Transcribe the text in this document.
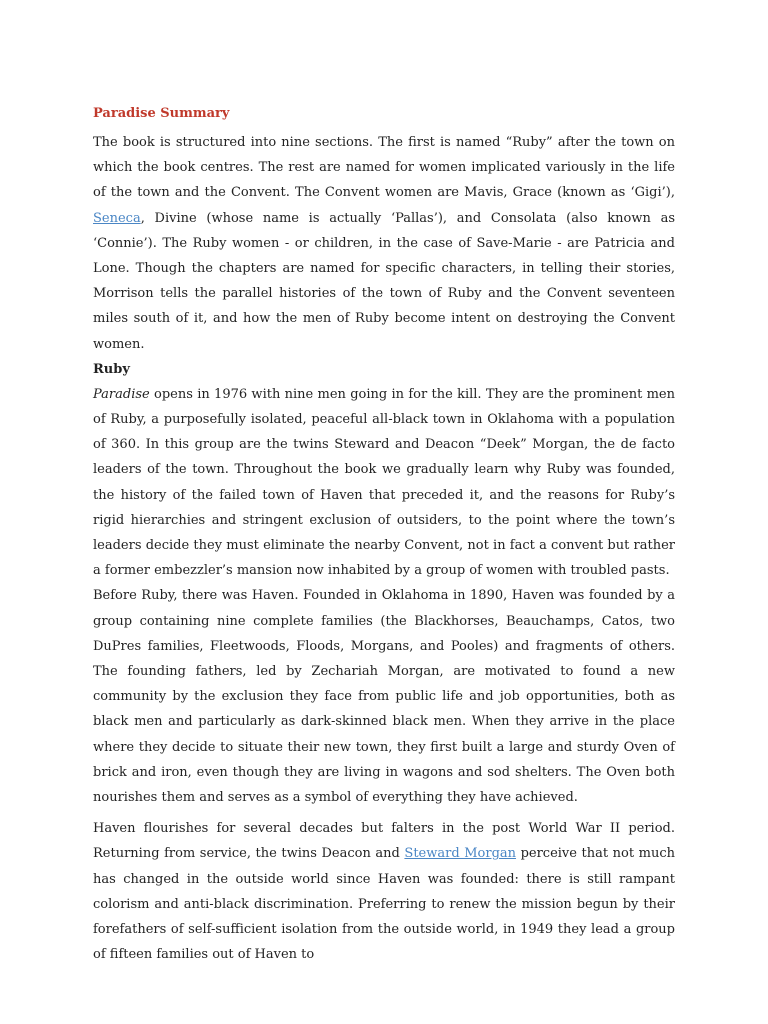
Paradise Summary

The book is structured into nine sections. The first is named “Ruby” after the town on which the book centres. The rest are named for women implicated variously in the life of the town and the Convent. The Convent women are Mavis, Grace (known as ‘Gigi’), Seneca, Divine (whose name is actually ‘Pallas’), and Consolata (also known as ‘Connie’). The Ruby women - or children, in the case of Save-Marie - are Patricia and Lone. Though the chapters are named for specific characters, in telling their stories, Morrison tells the parallel histories of the town of Ruby and the Convent seventeen miles south of it, and how the men of Ruby become intent on destroying the Convent women.

Ruby

Paradise opens in 1976 with nine men going in for the kill. They are the prominent men of Ruby, a purposefully isolated, peaceful all-black town in Oklahoma with a population of 360. In this group are the twins Steward and Deacon “Deek” Morgan, the de facto leaders of the town. Throughout the book we gradually learn why Ruby was founded, the history of the failed town of Haven that preceded it, and the reasons for Ruby’s rigid hierarchies and stringent exclusion of outsiders, to the point where the town’s leaders decide they must eliminate the nearby Convent, not in fact a convent but rather a former embezzler’s mansion now inhabited by a group of women with troubled pasts.

Before Ruby, there was Haven. Founded in Oklahoma in 1890, Haven was founded by a group containing nine complete families (the Blackhorses, Beauchamps, Catos, two DuPres families, Fleetwoods, Floods, Morgans, and Pooles) and fragments of others. The founding fathers, led by Zechariah Morgan, are motivated to found a new community by the exclusion they face from public life and job opportunities, both as black men and particularly as dark-skinned black men. When they arrive in the place where they decide to situate their new town, they first built a large and sturdy Oven of brick and iron, even though they are living in wagons and sod shelters. The Oven both nourishes them and serves as a symbol of everything they have achieved.

Haven flourishes for several decades but falters in the post World War II period. Returning from service, the twins Deacon and Steward Morgan perceive that not much has changed in the outside world since Haven was founded: there is still rampant colorism and anti-black discrimination. Preferring to renew the mission begun by their forefathers of self-sufficient isolation from the outside world, in 1949 they lead a group of fifteen families out of Haven to
